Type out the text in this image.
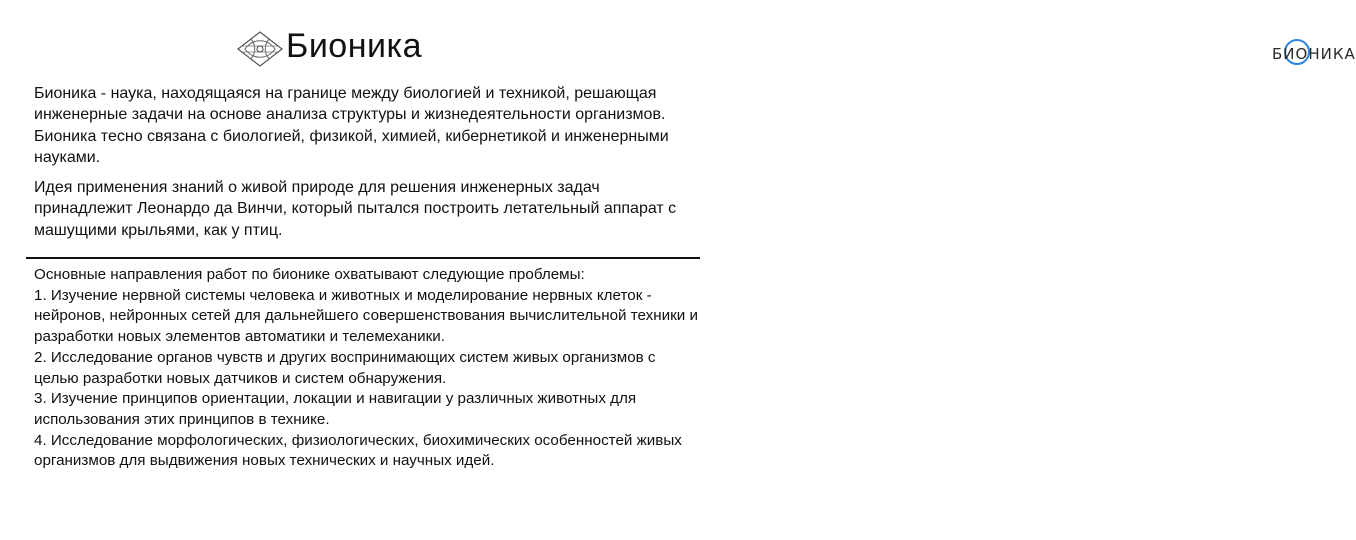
Бионика	БИОНИКА

Бионика - наука, находящаяся на границе между биологией и техникой, решающая инженерные задачи на основе анализа структуры и жизнедеятельности организмов. Бионика тесно связана с биологией, физикой, химией, кибернетикой и инженерными науками.

Идея применения знаний о живой природе для решения инженерных задач принадлежит Леонардо да Винчи, который пытался построить летательный аппарат с машущими крыльями, как у птиц.

Основные направления работ по бионике охватывают следующие проблемы:

1. Изучение нервной системы человека и животных и моделирование нервных клеток - нейронов, нейронных сетей для дальнейшего совершенствования вычислительной техники и разработки новых элементов автоматики и телемеханики.

2. Исследование органов чувств и других воспринимающих систем живых организмов с целью разработки новых датчиков и систем обнаружения.

3. Изучение принципов ориентации, локации и навигации у различных животных для использования этих принципов в технике.

4. Исследование морфологических, физиологических, биохимических особенностей живых организмов для выдвижения новых технических и научных идей.
